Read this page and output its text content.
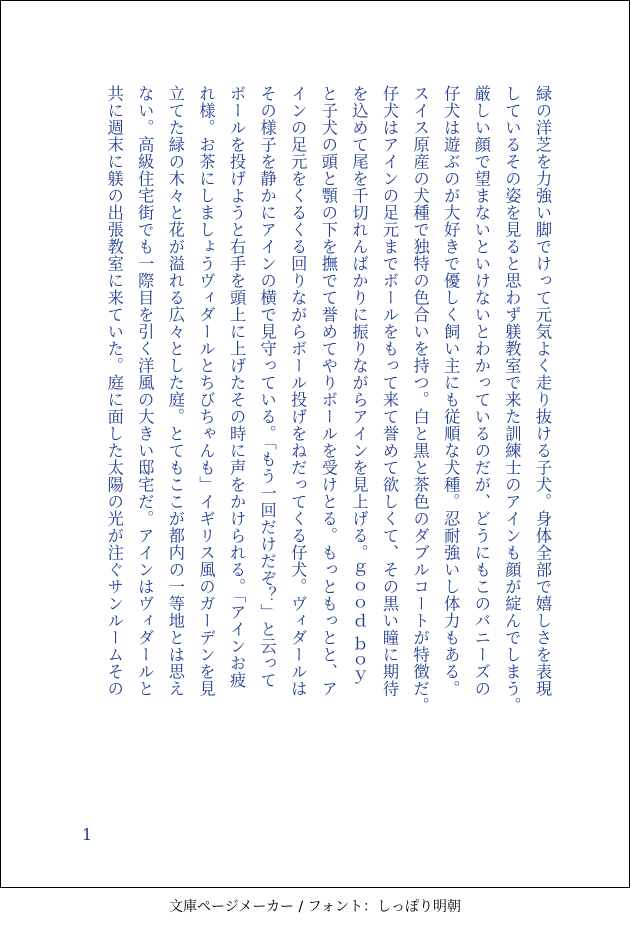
緑の洋芝を力強い脚でけって元気よく走り抜ける子犬。身体全部で嬉しさを表現
しているその姿を見ると思わず躾教室で来た訓練士のアインも顔が綻んでしまう。
厳しい顔で望まないといけないとわかっているのだが、どうにもこのバニーズの
仔犬は遊ぶのが大好きで優しく飼い主にも従順な犬種。忍耐強いし体力もある。
スイス原産の犬種で独特の色合いを持つ。白と黒と茶色のダブルコートが特徴だ。
仔犬はアインの足元までボールをもって来て誉めて欲しくて、その黒い瞳に期待
を込めて尾を千切れんばかりに振りながらアインを見上げる。ｇｏｏｄ ｂｏｙ
と子犬の頭と顎の下を撫でて誉めてやりボールを受けとる。もっともっとと、ア
インの足元をくるくる回りながらボール投げをねだってくる仔犬。ヴィダールは
その様子を静かにアインの横で見守っている。「もう一回だけだぞ？」と云って
ボールを投げようと右手を頭上に上げたその時に声をかけられる。「アインお疲
れ様。お茶にしましょうヴィダールとちびちゃんも」イギリス風のガーデンを見
立てた緑の木々と花が溢れる広々とした庭。とてもここが都内の一等地とは思え
ない。高級住宅街でも一際目を引く洋風の大きい邸宅だ。アインはヴィダールと
共に週末に躾の出張教室に来ていた。庭に面した太陽の光が注ぐサンルームその
1
文庫ページメーカー / フォント：しっぽり明朝
